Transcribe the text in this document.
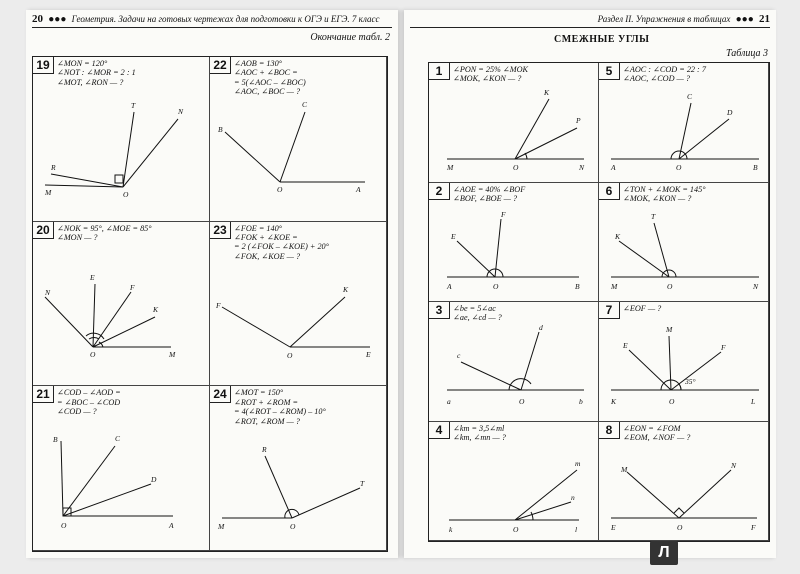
20 ●●● Геометрия. Задачи на готовых чертежах для подготовки к ОГЭ и ЕГЭ. 7 класс
Окончание табл. 2
19 ∠MON = 120°
∠NOT : ∠MOR = 2 : 1
∠MOT, ∠RON — ?
T
N
R
M	O
22 ∠AOB = 130°
∠AOC + ∠BOC =
= 5(∠AOC – ∠BOC)
∠AOC, ∠BOC — ?
B
C
O	A
20 ∠NOK = 95°, ∠MOE = 85°
∠MON — ?
E
N
F
K
O	M
23 ∠FOE = 140°
∠FOK + ∠KOE =
= 2 (∠FOK – ∠KOE) + 20°
∠FOK, ∠KOE — ?
F
K
O	E
21 ∠COD – ∠AOD =
= ∠BOC – ∠COD
∠COD — ?
B	C
D
O	A
24 ∠MOT = 150°
∠ROT + ∠ROM =
= 4(∠ROT – ∠ROM) – 10°
∠ROT, ∠ROM — ?
R
T
M	O
Раздел II. Упражнения в таблицах ●●● 21
СМЕЖНЫЕ УГЛЫ
Таблица 3
1	∠PON = 25% ∠MOK
∠MOK, ∠KON — ?
K
P
M	O	N
5	∠AOC : ∠COD = 22 : 7
∠AOC, ∠COD — ?
C
D
A	O	B
2	∠AOE = 40% ∠BOF
∠BOF, ∠BOE — ?
F
E
A	O	B
6	∠TON + ∠MOK = 145°
∠MOK, ∠KON — ?
T
K
M	O	N
3	∠be = 5∠ac
∠ae, ∠cd — ?
d
c
a	O	b
7	∠EOF — ?
M
E	F
35°
K	O	L
4	∠km = 3,5∠ml
∠km, ∠mn — ?
m
n
k	O	l
8	∠EON = ∠FOM
∠EOM, ∠NOF — ?
M	N
E	O	F
Л
